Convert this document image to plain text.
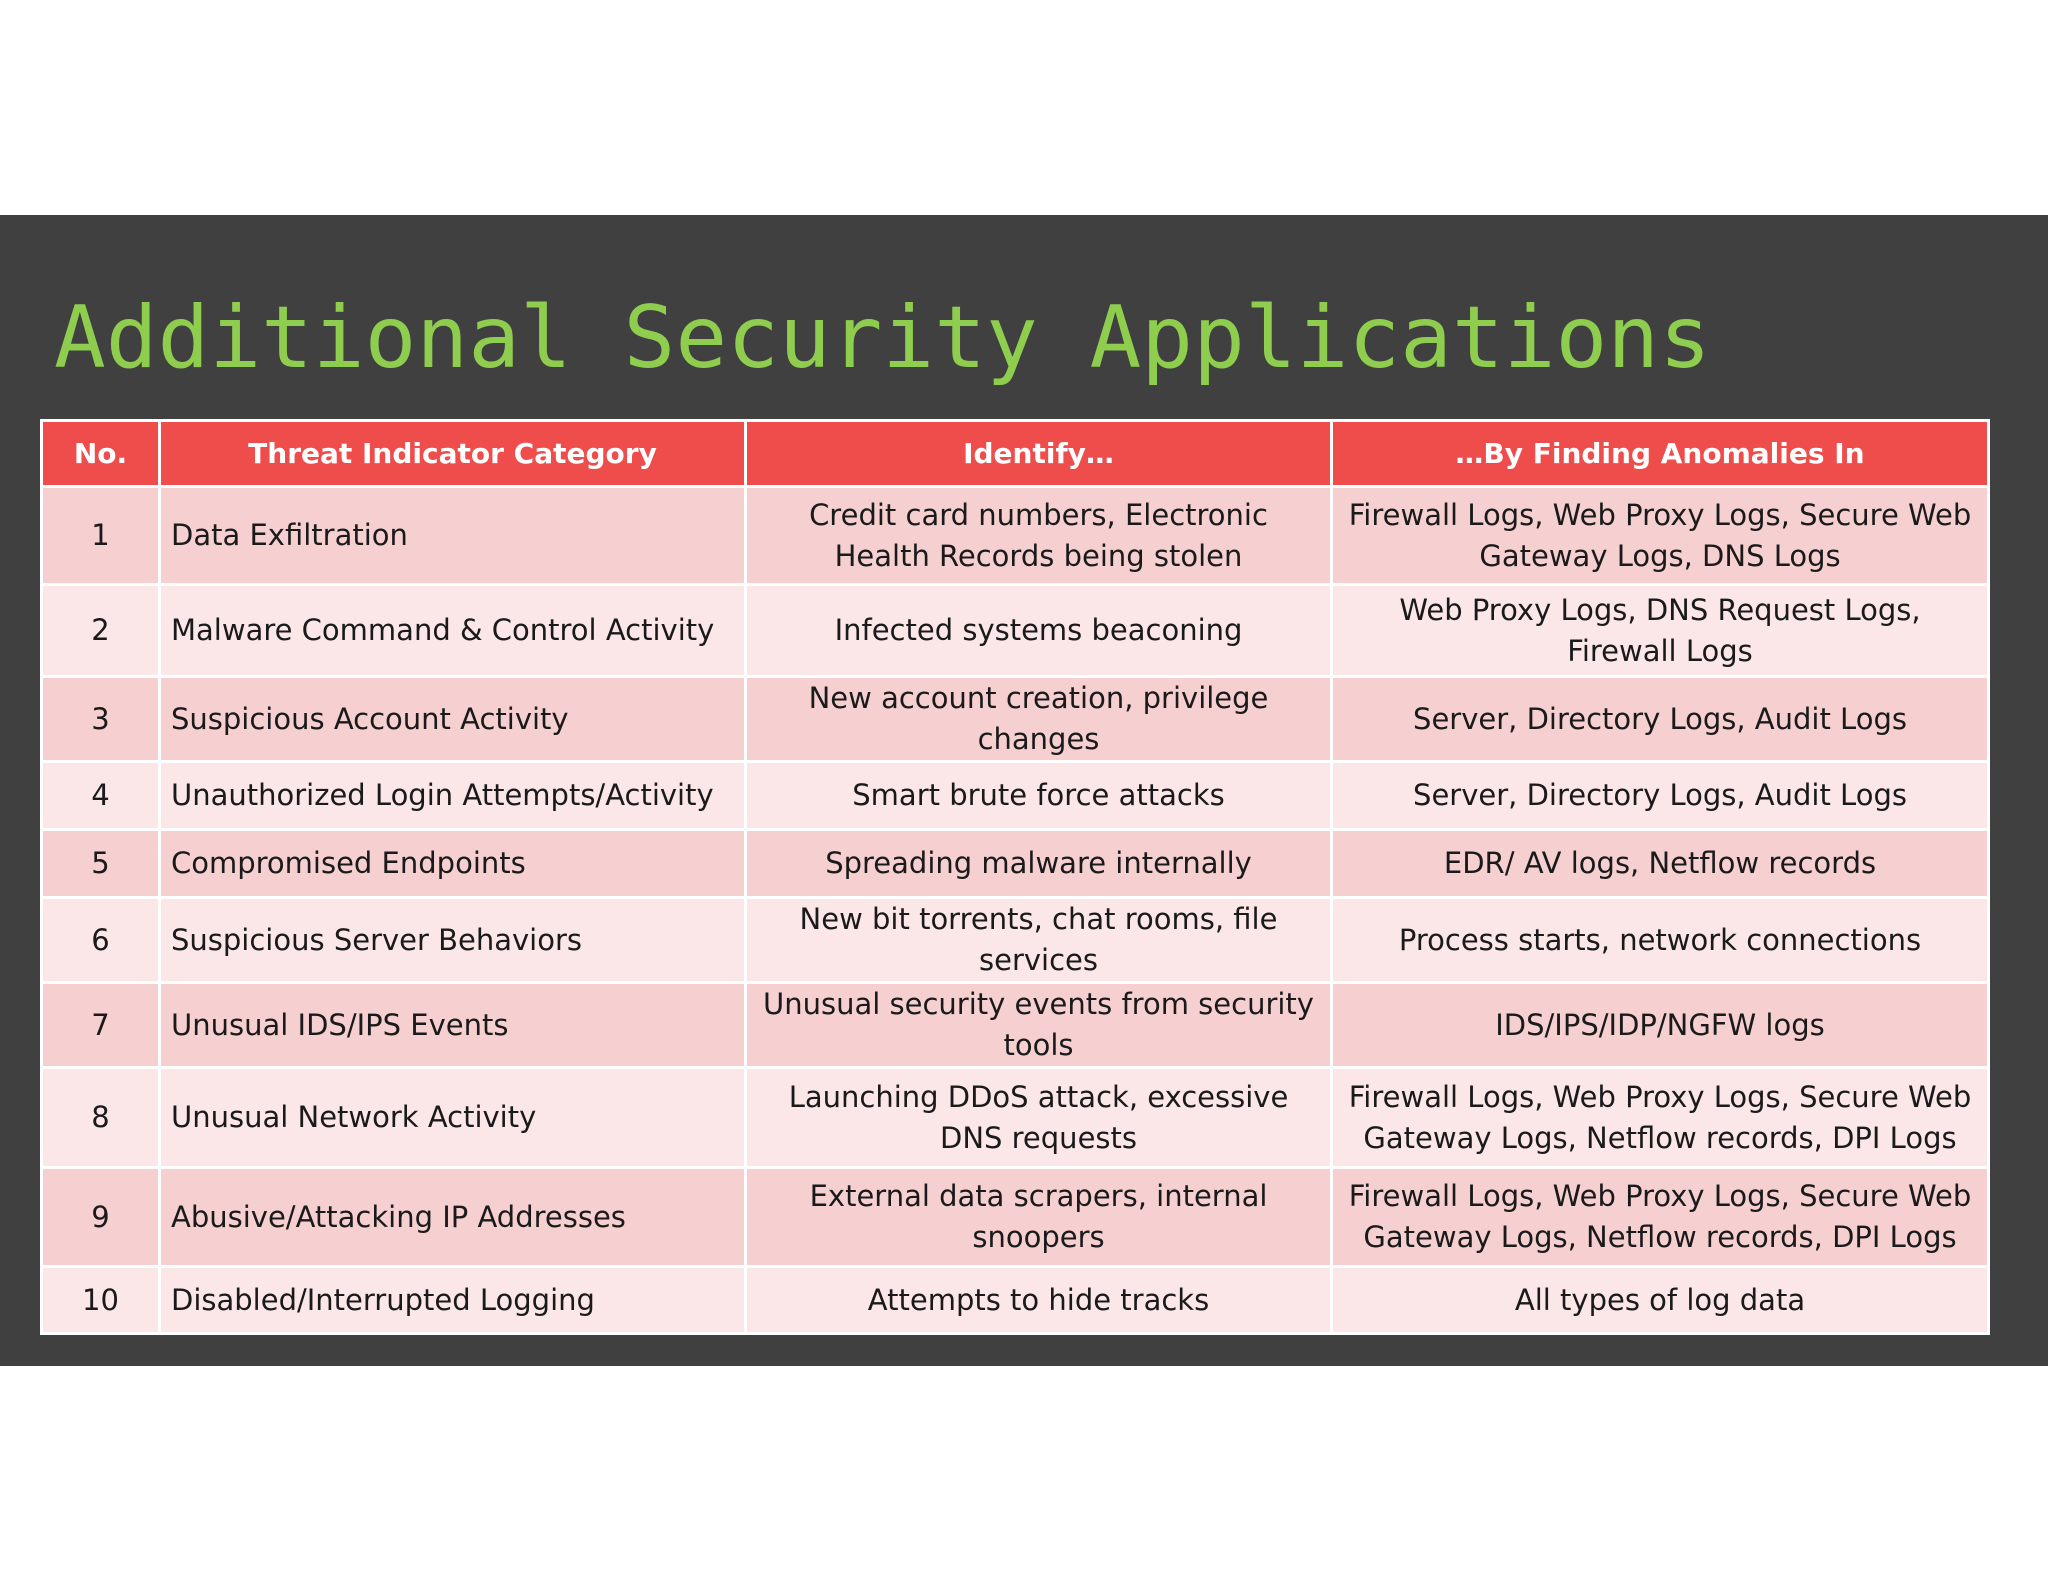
Additional Security Applications
No.	Threat Indicator Category	Identify…	…By Finding Anomalies In
1	Data Exfiltration	Credit card numbers, Electronic Health Records being stolen	Firewall Logs, Web Proxy Logs, Secure Web Gateway Logs, DNS Logs
2	Malware Command & Control Activity	Infected systems beaconing	Web Proxy Logs, DNS Request Logs, Firewall Logs
3	Suspicious Account Activity	New account creation, privilege changes	Server, Directory Logs, Audit Logs
4	Unauthorized Login Attempts/Activity	Smart brute force attacks	Server, Directory Logs, Audit Logs
5	Compromised Endpoints	Spreading malware internally	EDR/ AV logs, Netflow records
6	Suspicious Server Behaviors	New bit torrents, chat rooms, file services	Process starts, network connections
7	Unusual IDS/IPS Events	Unusual security events from security tools	IDS/IPS/IDP/NGFW logs
8	Unusual Network Activity	Launching DDoS attack, excessive DNS requests	Firewall Logs, Web Proxy Logs, Secure Web Gateway Logs, Netflow records, DPI Logs
9	Abusive/Attacking IP Addresses	External data scrapers, internal snoopers	Firewall Logs, Web Proxy Logs, Secure Web Gateway Logs, Netflow records, DPI Logs
10	Disabled/Interrupted Logging	Attempts to hide tracks	All types of log data
